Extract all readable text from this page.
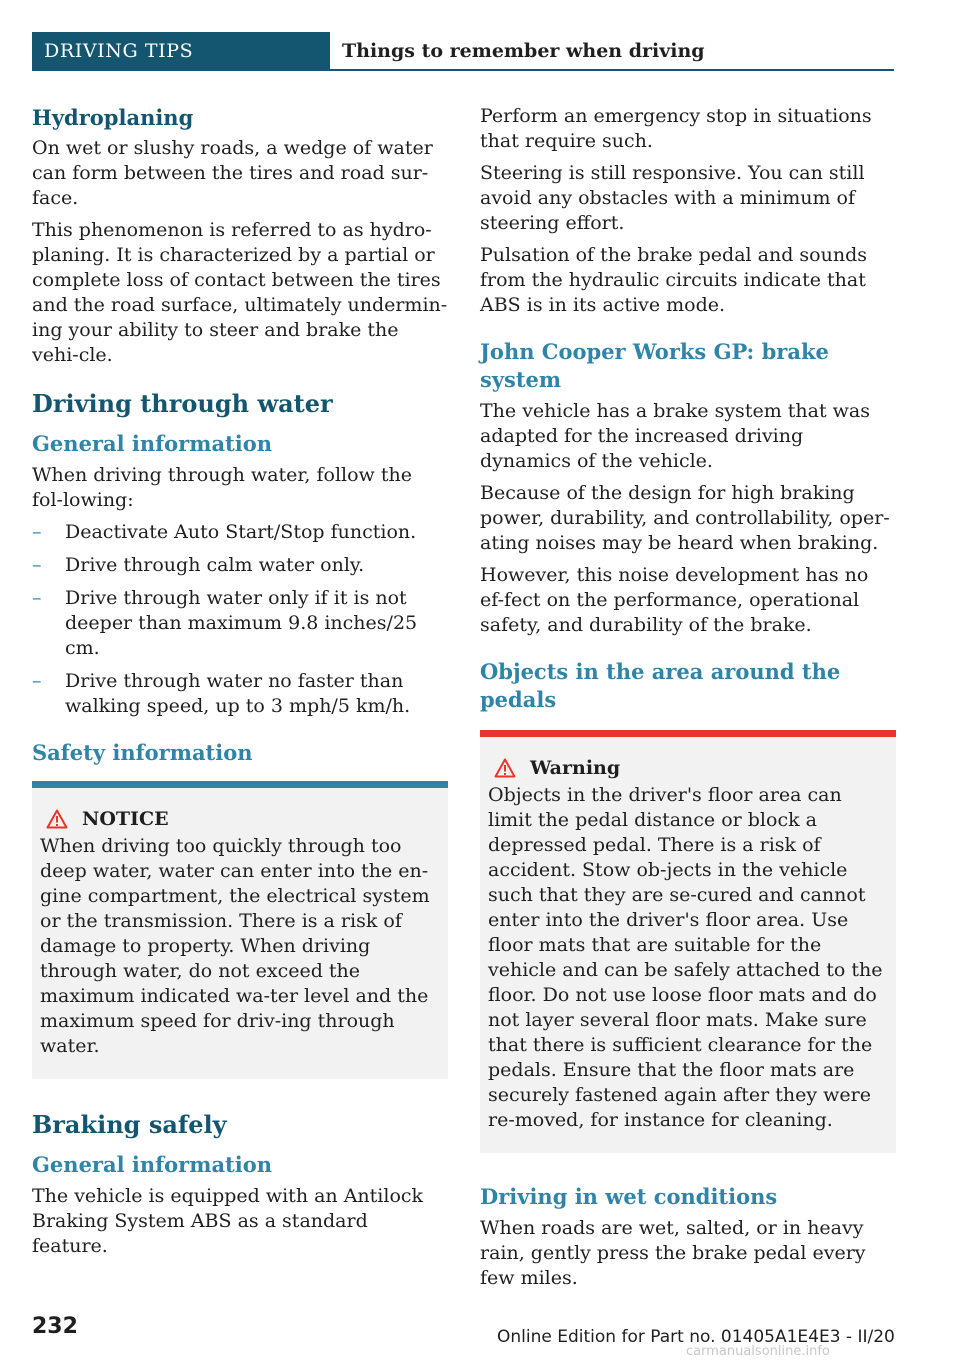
DRIVING TIPS	Things to remember when driving
Hydroplaning

On wet or slushy roads, a wedge of water can form between the tires and road sur-face.

This phenomenon is referred to as hydro-planing. It is characterized by a partial or complete loss of contact between the tires and the road surface, ultimately undermin-ing your ability to steer and brake the vehi-cle.

Driving through water
General information

When driving through water, follow the fol-lowing:

– Deactivate Auto Start/Stop function.
– Drive through calm water only.
– Drive through water only if it is not deeper than maximum 9.8 inches/25 cm.
– Drive through water no faster than walking speed, up to 3 mph/5 km/h.
Safety information
NOTICE

When driving too quickly through too deep water, water can enter into the en-gine compartment, the electrical system or the transmission. There is a risk of damage to property. When driving through water, do not exceed the maximum indicated wa-ter level and the maximum speed for driv-ing through water.

Braking safely
General information

The vehicle is equipped with an Antilock Braking System ABS as a standard feature.

Perform an emergency stop in situations that require such.

Steering is still responsive. You can still avoid any obstacles with a minimum of steering effort.

Pulsation of the brake pedal and sounds from the hydraulic circuits indicate that ABS is in its active mode.

John Cooper Works GP: brake system

The vehicle has a brake system that was adapted for the increased driving dynamics of the vehicle.

Because of the design for high braking power, durability, and controllability, oper-ating noises may be heard when braking.

However, this noise development has no ef-fect on the performance, operational safety, and durability of the brake.

Objects in the area around the pedals
Warning

Objects in the driver's floor area can limit the pedal distance or block a depressed pedal. There is a risk of accident. Stow ob-jects in the vehicle such that they are se-cured and cannot enter into the driver's floor area. Use floor mats that are suitable for the vehicle and can be safely attached to the floor. Do not use loose floor mats and do not layer several floor mats. Make sure that there is sufficient clearance for the pedals. Ensure that the floor mats are securely fastened again after they were re-moved, for instance for cleaning.

Driving in wet conditions

When roads are wet, salted, or in heavy rain, gently press the brake pedal every few miles.

232	Online Edition for Part no. 01405A1E4E3 - II/20
carmanualsonline.info
